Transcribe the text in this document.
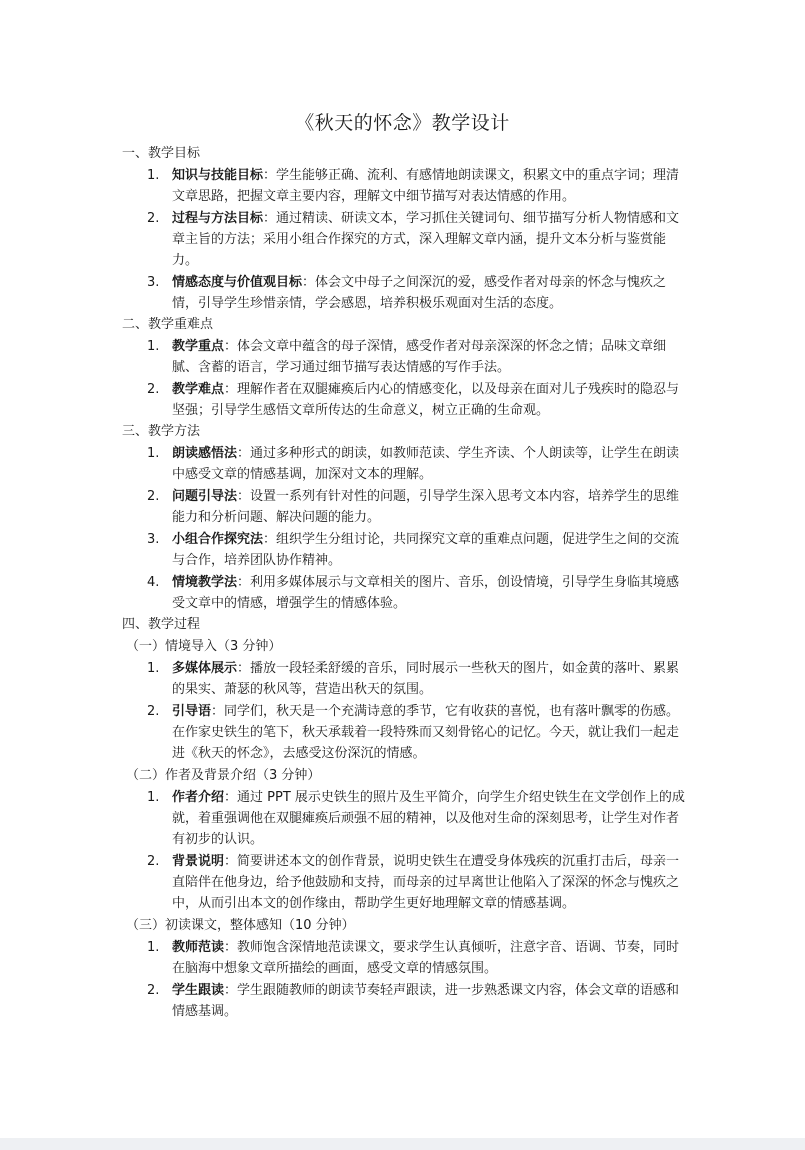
《秋天的怀念》教学设计
一、教学目标
1. 知识与技能目标：学生能够正确、流利、有感情地朗读课文，积累文中的重点字词；理清文章思路，把握文章主要内容，理解文中细节描写对表达情感的作用。
2. 过程与方法目标：通过精读、研读文本，学习抓住关键词句、细节描写分析人物情感和文章主旨的方法；采用小组合作探究的方式，深入理解文章内涵，提升文本分析与鉴赏能力。
3. 情感态度与价值观目标：体会文中母子之间深沉的爱，感受作者对母亲的怀念与愧疚之情，引导学生珍惜亲情，学会感恩，培养积极乐观面对生活的态度。
二、教学重难点
1. 教学重点：体会文章中蕴含的母子深情，感受作者对母亲深深的怀念之情；品味文章细腻、含蓄的语言，学习通过细节描写表达情感的写作手法。
2. 教学难点：理解作者在双腿瘫痪后内心的情感变化，以及母亲在面对儿子残疾时的隐忍与坚强；引导学生感悟文章所传达的生命意义，树立正确的生命观。
三、教学方法
1. 朗读感悟法：通过多种形式的朗读，如教师范读、学生齐读、个人朗读等，让学生在朗读中感受文章的情感基调，加深对文本的理解。
2. 问题引导法：设置一系列有针对性的问题，引导学生深入思考文本内容，培养学生的思维能力和分析问题、解决问题的能力。
3. 小组合作探究法：组织学生分组讨论，共同探究文章的重难点问题，促进学生之间的交流与合作，培养团队协作精神。
4. 情境教学法：利用多媒体展示与文章相关的图片、音乐，创设情境，引导学生身临其境感受文章中的情感，增强学生的情感体验。
四、教学过程
（一）情境导入（3 分钟）
1. 多媒体展示：播放一段轻柔舒缓的音乐，同时展示一些秋天的图片，如金黄的落叶、累累的果实、萧瑟的秋风等，营造出秋天的氛围。
2. 引导语：同学们，秋天是一个充满诗意的季节，它有收获的喜悦，也有落叶飘零的伤感。在作家史铁生的笔下，秋天承载着一段特殊而又刻骨铭心的记忆。今天，就让我们一起走进《秋天的怀念》，去感受这份深沉的情感。
（二）作者及背景介绍（3 分钟）
1. 作者介绍：通过 PPT 展示史铁生的照片及生平简介，向学生介绍史铁生在文学创作上的成就，着重强调他在双腿瘫痪后顽强不屈的精神，以及他对生命的深刻思考，让学生对作者有初步的认识。
2. 背景说明：简要讲述本文的创作背景，说明史铁生在遭受身体残疾的沉重打击后，母亲一直陪伴在他身边，给予他鼓励和支持，而母亲的过早离世让他陷入了深深的怀念与愧疚之中，从而引出本文的创作缘由，帮助学生更好地理解文章的情感基调。
（三）初读课文，整体感知（10 分钟）
1. 教师范读：教师饱含深情地范读课文，要求学生认真倾听，注意字音、语调、节奏，同时在脑海中想象文章所描绘的画面，感受文章的情感氛围。
2. 学生跟读：学生跟随教师的朗读节奏轻声跟读，进一步熟悉课文内容，体会文章的语感和情感基调。
